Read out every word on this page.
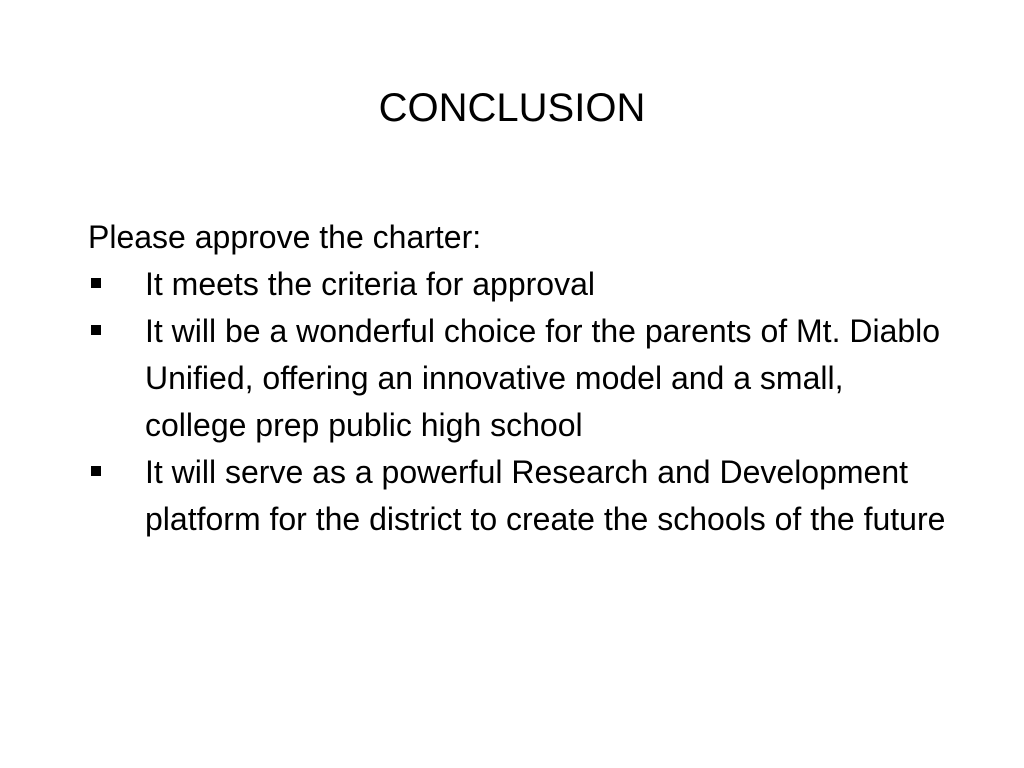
CONCLUSION

Please approve the charter:

It meets the criteria for approval
It will be a wonderful choice for the parents of Mt. Diablo Unified, offering an innovative model and a small, college prep public high school
It will serve as a powerful Research and Development platform for the district to create the schools of the future
